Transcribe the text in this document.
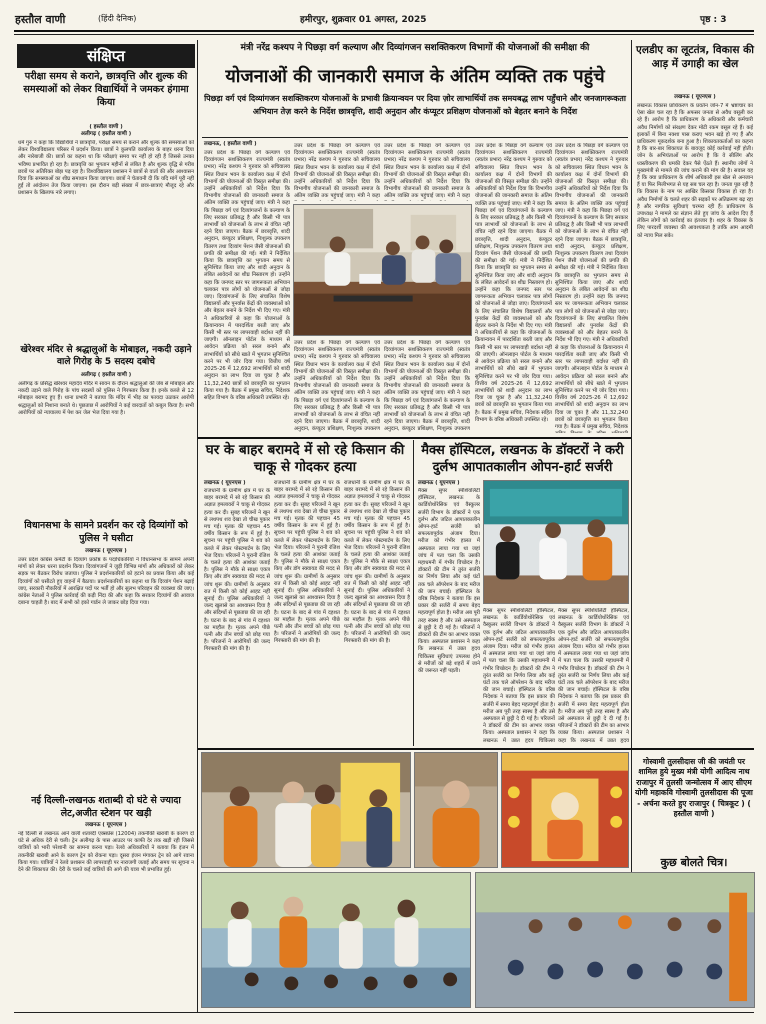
हस्तौल वाणी	(हिंदी दैनिक)	हमीरपुर, शुक्रवार 01 अगस्त, 2025	पृष्ठ : 3
संक्षिप्त
परीक्षा समय से कराने, छात्रवृत्ति और शुल्क की समस्याओं को लेकर विद्यार्थियों ने जमकर हंगामा किया
( हस्तौल वाणी )
अलीगढ़ ( हस्तौल वाणी )
धर्म गुरु ने कहा कि विद्यार्थियों ने छात्रवृत्ति, परीक्षा समय से कराने और शुल्क की समस्याओं को लेकर विश्वविद्यालय परिसर में प्रदर्शन किया। छात्रों ने कुलपति कार्यालय के बाहर धरना दिया और नारेबाजी की। छात्रों का कहना था कि परीक्षाएं समय पर नहीं हो रही हैं जिससे उनका भविष्य प्रभावित हो रहा है। छात्रवृत्ति का भुगतान महीनों से लंबित है और शुल्क वृद्धि से गरीब छात्रों पर अतिरिक्त बोझ पड़ रहा है। विश्वविद्यालय प्रशासन ने छात्रों से वार्ता की और आश्वासन दिया कि समस्याओं का शीघ्र समाधान किया जाएगा। छात्रों ने चेतावनी दी कि यदि मांगें पूरी नहीं हुईं तो आंदोलन तेज किया जाएगा। इस दौरान बड़ी संख्या में छात्र-छात्राएं मौजूद रहे और प्रशासन के खिलाफ नारे लगाए।
खेरेश्वर मंदिर से श्रद्धालुओं के मोबाइल, नकदी उड़ाने वाले गिरोह के 5 सदस्य दबोचे
अलीगढ़ ( हस्तौल वाणी )
अलीगढ़ के प्रसिद्ध खेरेश्वर महादेव मंदिर में सावन के दौरान श्रद्धालुओं की जेब से मोबाइल और नकदी उड़ाने वाले गिरोह के पांच सदस्यों को पुलिस ने गिरफ्तार किया है। इनके कब्जे से 12 मोबाइल बरामद हुए हैं। थाना प्रभारी ने बताया कि मंदिर में भीड़ का फायदा उठाकर आरोपी श्रद्धालुओं को निशाना बनाते थे। पूछताछ में आरोपियों ने कई वारदातों को कबूल किया है। सभी आरोपियों को न्यायालय में पेश कर जेल भेज दिया गया है।
विधानसभा के सामने प्रदर्शन कर रहे दिव्यांगों को पुलिस ने घसीटा
लखनऊ ( यूएनएस )
उत्तर प्रदेश कांग्रेस कमेटी के दिव्यांग प्रकोष्ठ के पदाधिकारियों ने विधानसभा के सामने अपनी मांगों को लेकर धरना प्रदर्शन किया। दिव्यांगजनों ने जुड़ी विभिन्न मांगों और अधिकारों को लेकर सड़क पर बैठकर विरोध जताया। पुलिस ने प्रदर्शनकारियों को हटाने का प्रयास किया और कई दिव्यांगों को घसीटते हुए वाहनों में बैठाया। प्रदर्शनकारियों का कहना था कि दिव्यांग पेंशन बढ़ाई जाए, सरकारी नौकरियों में आरक्षित पदों पर भर्ती हो और सुलभ परिवहन की व्यवस्था की जाए। कांग्रेस नेताओं ने पुलिस कार्रवाई की कड़ी निंदा की और कहा कि सरकार दिव्यांगों की आवाज दबाना चाहती है। बाद में सभी को इको गार्डन ले जाकर छोड़ दिया गया।
नई दिल्ली-लखनऊ शताब्दी दो घंटे से ज्यादा लेट,अजीत स्टेशन पर खड़ी
लखनऊ ( यूएनएस )
नई दिल्ली से लखनऊ आने वाली शताब्दी एक्सप्रेस (12004) तकनीकी खराबी के कारण दो घंटे से अधिक देरी से चली। ट्रेन अलीगढ़ के पास आउटर पर काफी देर तक खड़ी रही जिससे यात्रियों को भारी परेशानी का सामना करना पड़ा। रेलवे अधिकारियों ने बताया कि इंजन में तकनीकी खराबी आने के कारण ट्रेन को रोकना पड़ा। दूसरा इंजन मंगाकर ट्रेन को आगे रवाना किया गया। यात्रियों ने रेलवे प्रशासन की लापरवाही पर नाराजगी जताई और समय पर सूचना न देने की शिकायत की। देरी के चलते कई यात्रियों की आगे की यात्रा भी प्रभावित हुई।
मंत्री नरेंद्र कश्यप ने पिछड़ा वर्ग कल्याण और दिव्यांगजन सशक्तिकरण विभागों की योजनाओं की समीक्षा की
योजनाओं की जानकारी समाज के अंतिम व्यक्ति तक पहुंचे
पिछड़ा वर्ग एवं दिव्यांगजन सशक्तिकरण योजनाओं के प्रभावी क्रियान्वयन पर दिया ज़ोर लाभार्थियों तक समयबद्ध लाभ पहुँचाने और जनजागरूकता अभियान तेज़ करने के निर्देश छात्रवृत्ति, शादी अनुदान और कंप्यूटर प्रशिक्षण योजनाओं को बेहतर बनाने के निर्देश
लखनऊ, ( हस्तौल वाणी )
उत्तर प्रदेश के पिछड़ा वर्ग कल्याण एवं दिव्यांगजन सशक्तिकरण राज्यमंत्री (स्वतंत्र प्रभार) नरेंद्र कश्यप ने गुरुवार को सचिवालय स्थित विधान भवन के कार्यालय कक्ष में दोनों विभागों की योजनाओं की विस्तृत समीक्षा की। उन्होंने अधिकारियों को निर्देश दिया कि विभागीय योजनाओं की जानकारी समाज के अंतिम व्यक्ति तक पहुंचाई जाए। मंत्री ने कहा कि पिछड़ा वर्ग एवं दिव्यांगजनों के कल्याण के लिए सरकार प्रतिबद्ध है और किसी भी पात्र लाभार्थी को योजनाओं के लाभ से वंचित नहीं रहने दिया जाएगा। बैठक में छात्रवृत्ति, शादी अनुदान, कंप्यूटर प्रशिक्षण, निःशुल्क उपकरण वितरण तथा दिव्यांग पेंशन जैसी योजनाओं की प्रगति की समीक्षा की गई। मंत्री ने निर्देशित किया कि छात्रवृत्ति का भुगतान समय से सुनिश्चित किया जाए और शादी अनुदान के लंबित आवेदनों का शीघ्र निस्तारण हो। उन्होंने कहा कि जनपद स्तर पर जागरूकता अभियान चलाकर पात्र लोगों को योजनाओं से जोड़ा जाए। दिव्यांगजनों के लिए संचालित विशेष विद्यालयों और पुनर्वास केंद्रों की व्यवस्थाओं को और बेहतर बनाने के निर्देश भी दिए गए। मंत्री ने अधिकारियों से कहा कि योजनाओं के क्रियान्वयन में पारदर्शिता बरती जाए और किसी भी स्तर पर लापरवाही बर्दाश्त नहीं की जाएगी। ऑनलाइन पोर्टल के माध्यम से आवेदन प्रक्रिया को सरल बनाने और लाभार्थियों को सीधे खाते में भुगतान सुनिश्चित करने पर भी जोर दिया गया। वित्तीय वर्ष 2025-26 में 12,692 लाभार्थियों को शादी अनुदान का लाभ दिया जा चुका है और 11,32,240 छात्रों को छात्रवृत्ति का भुगतान किया गया है। बैठक में प्रमुख सचिव, निदेशक सहित विभाग के वरिष्ठ अधिकारी उपस्थित रहे।
उत्तर प्रदेश के पिछड़ा वर्ग कल्याण एवं दिव्यांगजन सशक्तिकरण राज्यमंत्री (स्वतंत्र प्रभार) नरेंद्र कश्यप ने गुरुवार को सचिवालय स्थित विधान भवन के कार्यालय कक्ष में दोनों विभागों की योजनाओं की विस्तृत समीक्षा की। उन्होंने अधिकारियों को निर्देश दिया कि विभागीय योजनाओं की जानकारी समाज के अंतिम व्यक्ति तक पहुंचाई जाए। मंत्री ने कहा
उत्तर प्रदेश के पिछड़ा वर्ग कल्याण एवं दिव्यांगजन सशक्तिकरण राज्यमंत्री (स्वतंत्र प्रभार) नरेंद्र कश्यप ने गुरुवार को सचिवालय स्थित विधान भवन के कार्यालय कक्ष में दोनों विभागों की योजनाओं की विस्तृत समीक्षा की। उन्होंने अधिकारियों को निर्देश दिया कि विभागीय योजनाओं की जानकारी समाज के अंतिम व्यक्ति तक पहुंचाई जाए। मंत्री ने कहा
उत्तर प्रदेश के पिछड़ा वर्ग कल्याण एवं दिव्यांगजन सशक्तिकरण राज्यमंत्री (स्वतंत्र प्रभार) नरेंद्र कश्यप ने गुरुवार को सचिवालय स्थित विधान भवन के कार्यालय कक्ष में दोनों विभागों की योजनाओं की विस्तृत समीक्षा की। उन्होंने अधिकारियों को निर्देश दिया कि विभागीय योजनाओं की जानकारी समाज के अंतिम व्यक्ति तक पहुंचाई जाए। मंत्री ने कहा कि पिछड़ा वर्ग एवं दिव्यांगजनों के कल्याण के लिए सरकार प्रतिबद्ध है और किसी भी पात्र लाभार्थी को योजनाओं के लाभ से वंचित नहीं रहने दिया जाएगा। बैठक में छात्रवृत्ति, शादी अनुदान, कंप्यूटर प्रशिक्षण, निःशुल्क उपकरण वितरण तथा दिव्यांग पेंशन जैसी योजनाओं की प्रगति की समीक्षा की गई। मंत्री ने निर्देशित किया कि छात्रवृत्ति का भुगतान समय से सुनिश्चित किया जाए और शादी अनुदान के लंबित आवेदनों का शीघ्र निस्तारण हो। उन्होंने कहा कि जनपद स्तर पर जागरूकता अभियान चलाकर पात्र लोगों को योजनाओं से जोड़ा जाए। दिव्यांगजनों के लिए संचालित विशेष विद्यालयों और पुनर्वास केंद्रों की व्यवस्थाओं को और बेहतर बनाने के निर्देश भी दिए गए। मंत्री ने अधिकारियों से कहा कि योजनाओं के क्रियान्वयन में पारदर्शिता बरती जाए और किसी भी स्तर पर लापरवाही बर्दाश्त नहीं की जाएगी। ऑनलाइन पोर्टल के माध्यम से आवेदन प्रक्रिया को सरल बनाने और लाभार्थियों को सीधे खाते में भुगतान सुनिश्चित करने पर भी जोर दिया गया। वित्तीय वर्ष 2025-26 में 12,692 लाभार्थियों को शादी अनुदान का लाभ दिया जा चुका है और 11,32,240 छात्रों को छात्रवृत्ति का भुगतान किया गया है। बैठक में प्रमुख सचिव, निदेशक सहित विभाग के वरिष्ठ अधिकारी उपस्थित रहे।
उत्तर प्रदेश के पिछड़ा वर्ग कल्याण एवं दिव्यांगजन सशक्तिकरण राज्यमंत्री (स्वतंत्र प्रभार) नरेंद्र कश्यप ने गुरुवार को सचिवालय स्थित विधान भवन के कार्यालय कक्ष में दोनों विभागों की योजनाओं की विस्तृत समीक्षा की। उन्होंने अधिकारियों को निर्देश दिया कि विभागीय योजनाओं की जानकारी समाज के अंतिम व्यक्ति तक पहुंचाई जाए। मंत्री ने कहा कि पिछड़ा वर्ग एवं दिव्यांगजनों के कल्याण के लिए सरकार प्रतिबद्ध है और किसी भी पात्र लाभार्थी को योजनाओं के लाभ से वंचित नहीं रहने दिया जाएगा। बैठक में छात्रवृत्ति, शादी अनुदान, कंप्यूटर प्रशिक्षण, निःशुल्क उपकरण वितरण तथा दिव्यांग पेंशन जैसी योजनाओं की प्रगति की समीक्षा की गई। मंत्री ने निर्देशित किया कि छात्रवृत्ति का भुगतान समय से सुनिश्चित किया जाए और शादी अनुदान के लंबित आवेदनों का शीघ्र निस्तारण हो। उन्होंने कहा कि जनपद स्तर पर जागरूकता अभियान चलाकर पात्र लोगों को योजनाओं से जोड़ा जाए। दिव्यांगजनों के लिए संचालित विशेष विद्यालयों और पुनर्वास केंद्रों की व्यवस्थाओं को और बेहतर बनाने के निर्देश भी दिए गए। मंत्री ने अधिकारियों से कहा कि योजनाओं के क्रियान्वयन में पारदर्शिता बरती जाए और किसी भी स्तर पर लापरवाही बर्दाश्त नहीं की जाएगी। ऑनलाइन पोर्टल के माध्यम से आवेदन प्रक्रिया को सरल बनाने और लाभार्थियों को सीधे खाते में भुगतान सुनिश्चित करने पर भी जोर दिया गया। वित्तीय वर्ष 2025-26 में 12,692 लाभार्थियों को शादी अनुदान का लाभ दिया जा चुका है और 11,32,240 छात्रों को छात्रवृत्ति का भुगतान किया गया है। बैठक में प्रमुख सचिव, निदेशक
उत्तर प्रदेश के पिछड़ा वर्ग कल्याण एवं दिव्यांगजन सशक्तिकरण राज्यमंत्री (स्वतंत्र प्रभार) नरेंद्र कश्यप ने गुरुवार को सचिवालय स्थित विधान भवन के कार्यालय कक्ष में दोनों विभागों की योजनाओं की विस्तृत समीक्षा की। उन्होंने अधिकारियों को निर्देश दिया कि विभागीय योजनाओं की जानकारी समाज के अंतिम व्यक्ति तक पहुंचाई जाए। मंत्री ने कहा कि पिछड़ा वर्ग एवं दिव्यांगजनों के कल्याण के लिए सरकार प्रतिबद्ध है और किसी भी पात्र लाभार्थी को योजनाओं के लाभ से वंचित नहीं रहने दिया जाएगा। बैठक में छात्रवृत्ति, शादी अनुदान, कंप्यूटर प्रशिक्षण, निःशुल्क उपकरण
उत्तर प्रदेश के पिछड़ा वर्ग कल्याण एवं दिव्यांगजन सशक्तिकरण राज्यमंत्री (स्वतंत्र प्रभार) नरेंद्र कश्यप ने गुरुवार को सचिवालय स्थित विधान भवन के कार्यालय कक्ष में दोनों विभागों की योजनाओं की विस्तृत समीक्षा की। उन्होंने अधिकारियों को निर्देश दिया कि विभागीय योजनाओं की जानकारी समाज के अंतिम व्यक्ति तक पहुंचाई जाए। मंत्री ने कहा कि पिछड़ा वर्ग एवं दिव्यांगजनों के कल्याण के लिए सरकार प्रतिबद्ध है और किसी भी पात्र लाभार्थी को योजनाओं के लाभ से वंचित नहीं रहने दिया जाएगा। बैठक में छात्रवृत्ति, शादी अनुदान, कंप्यूटर प्रशिक्षण, निःशुल्क उपकरण
घर के बाहर बरामदे में सो रहे किसान की चाकू से गोदकर हत्या
लखनऊ ( यूएनएस )
राजधानी के ग्रामीण क्षेत्र में घर के बाहर बरामदे में सो रहे किसान की अज्ञात हमलावरों ने चाकू से गोदकर हत्या कर दी। सुबह परिजनों ने खून से लथपथ शव देखा तो चीख पुकार मच गई। मृतक की पहचान 45 वर्षीय किसान के रूप में हुई है। सूचना पर पहुंची पुलिस ने शव को कब्जे में लेकर पोस्टमार्टम के लिए भेज दिया। परिजनों ने पुरानी रंजिश के चलते हत्या की आशंका जताई है। पुलिस ने मौके से साक्ष्य एकत्र किए और डॉग स्क्वायड की मदद से जांच शुरू की। ग्रामीणों के अनुसार रात में किसी को कोई आहट नहीं सुनाई दी। पुलिस अधिकारियों ने जल्द खुलासे का आश्वासन दिया है और संदिग्धों से पूछताछ की जा रही है। घटना के बाद से गांव में दहशत का माहौल है। मृतक अपने पीछे पत्नी और तीन बच्चों को छोड़ गया है। परिजनों ने आरोपियों की जल्द गिरफ्तारी की मांग की है।
राजधानी के ग्रामीण क्षेत्र में घर के बाहर बरामदे में सो रहे किसान की अज्ञात हमलावरों ने चाकू से गोदकर हत्या कर दी। सुबह परिजनों ने खून से लथपथ शव देखा तो चीख पुकार मच गई। मृतक की पहचान 45 वर्षीय किसान के रूप में हुई है। सूचना पर पहुंची पुलिस ने शव को कब्जे में लेकर पोस्टमार्टम के लिए भेज दिया। परिजनों ने पुरानी रंजिश के चलते हत्या की आशंका जताई है। पुलिस ने मौके से साक्ष्य एकत्र किए और डॉग स्क्वायड की मदद से जांच शुरू की। ग्रामीणों के अनुसार रात में किसी को कोई आहट नहीं सुनाई दी। पुलिस अधिकारियों ने जल्द खुलासे का आश्वासन दिया है और संदिग्धों से पूछताछ की जा रही है। घटना के बाद से गांव में दहशत का माहौल है। मृतक अपने पीछे पत्नी और तीन बच्चों को छोड़ गया है। परिजनों ने आरोपियों की जल्द गिरफ्तारी की मांग की है।
राजधानी के ग्रामीण क्षेत्र में घर के बाहर बरामदे में सो रहे किसान की अज्ञात हमलावरों ने चाकू से गोदकर हत्या कर दी। सुबह परिजनों ने खून से लथपथ शव देखा तो चीख पुकार मच गई। मृतक की पहचान 45 वर्षीय किसान के रूप में हुई है। सूचना पर पहुंची पुलिस ने शव को कब्जे में लेकर पोस्टमार्टम के लिए भेज दिया। परिजनों ने पुरानी रंजिश के चलते हत्या की आशंका जताई है। पुलिस ने मौके से साक्ष्य एकत्र किए और डॉग स्क्वायड की मदद से जांच शुरू की। ग्रामीणों के अनुसार रात में किसी को कोई आहट नहीं सुनाई दी। पुलिस अधिकारियों ने जल्द खुलासे का आश्वासन दिया है और संदिग्धों से पूछताछ की जा रही है। घटना के बाद से गांव में दहशत का माहौल है। मृतक अपने पीछे पत्नी और तीन बच्चों को छोड़ गया है। परिजनों ने आरोपियों की जल्द गिरफ्तारी की मांग की है।
मैक्स हॉस्पिटल, लखनऊ के डॉक्टरों ने करी दुर्लभ आपातकालीन ओपन-हार्ट सर्जरी
लखनऊ ( यूएनएस )
मैक्स सुपर स्पेशियलिटी हॉस्पिटल, लखनऊ के कार्डियोथोरेसिक एवं वैस्कुलर सर्जरी विभाग के डॉक्टरों ने एक दुर्लभ और जटिल आपातकालीन ओपन-हार्ट सर्जरी को सफलतापूर्वक अंजाम दिया। मरीज को गंभीर हालत में अस्पताल लाया गया था जहां जांच में पता चला कि उसकी महाधमनी में गंभीर विच्छेदन है। डॉक्टरों की टीम ने तुरंत सर्जरी का निर्णय लिया और कई घंटों तक चले ऑपरेशन के बाद मरीज की जान बचाई। हॉस्पिटल के वरिष्ठ निदेशक ने बताया कि इस प्रकार की सर्जरी में समय बेहद महत्वपूर्ण होता है। मरीज अब पूरी तरह स्वस्थ है और उसे अस्पताल से छुट्टी दे दी गई है। परिजनों ने डॉक्टरों की टीम का आभार व्यक्त किया। अस्पताल प्रशासन ने कहा कि लखनऊ में उन्नत हृदय चिकित्सा सुविधाएं उपलब्ध होने से मरीजों को बड़े शहरों में जाने की जरूरत नहीं पड़ती।
मैक्स सुपर स्पेशियलिटी हॉस्पिटल, लखनऊ के कार्डियोथोरेसिक एवं वैस्कुलर सर्जरी विभाग के डॉक्टरों ने एक दुर्लभ और जटिल आपातकालीन ओपन-हार्ट सर्जरी को सफलतापूर्वक अंजाम दिया। मरीज को गंभीर हालत में अस्पताल लाया गया था जहां जांच में पता चला कि उसकी महाधमनी में गंभीर विच्छेदन है। डॉक्टरों की टीम ने तुरंत सर्जरी का निर्णय लिया और कई घंटों तक चले ऑपरेशन के बाद मरीज की जान बचाई। हॉस्पिटल के वरिष्ठ निदेशक ने बताया कि इस प्रकार की सर्जरी में समय बेहद महत्वपूर्ण होता है। मरीज अब पूरी तरह स्वस्थ है और उसे अस्पताल से छुट्टी दे दी गई है। परिजनों ने डॉक्टरों की टीम का आभार व्यक्त किया। अस्पताल प्रशासन ने कहा कि लखनऊ में उन्नत हृदय चिकित्सा
मैक्स सुपर स्पेशियलिटी हॉस्पिटल, लखनऊ के कार्डियोथोरेसिक एवं वैस्कुलर सर्जरी विभाग के डॉक्टरों ने एक दुर्लभ और जटिल आपातकालीन ओपन-हार्ट सर्जरी को सफलतापूर्वक अंजाम दिया। मरीज को गंभीर हालत में अस्पताल लाया गया था जहां जांच में पता चला कि उसकी महाधमनी में गंभीर विच्छेदन है। डॉक्टरों की टीम ने तुरंत सर्जरी का निर्णय लिया और कई घंटों तक चले ऑपरेशन के बाद मरीज की जान बचाई। हॉस्पिटल के वरिष्ठ निदेशक ने बताया कि इस प्रकार की सर्जरी में समय बेहद महत्वपूर्ण होता है। मरीज अब पूरी तरह स्वस्थ है और उसे अस्पताल से छुट्टी दे दी गई है। परिजनों ने डॉक्टरों की टीम का आभार व्यक्त किया। अस्पताल प्रशासन ने कहा कि लखनऊ में उन्नत हृदय
एलडीए का लूटतंत्र, विकास की आड़ में उगाही का खेल
लखनऊ ( यूएनएस )
लखनऊ विकास प्राधिकरण के प्रवर्तन जोन-7 में भ्रष्टाचार का ऐसा खेल चल रहा है कि अफसर जनता से अवैध वसूली कर रहे हैं। आरोप है कि प्राधिकरण के अधिकारी और कर्मचारी अवैध निर्माणों को संरक्षण देकर मोटी रकम वसूल रहे हैं। कई इलाकों में बिना नक्शा पास कराए भवन खड़े हो गए हैं और प्राधिकरण मूकदर्शक बना हुआ है। शिकायतकर्ताओं का कहना है कि बार-बार शिकायत के बावजूद कोई कार्रवाई नहीं होती। जोन के अभियंताओं पर आरोप है कि वे सीलिंग और ध्वस्तीकरण की धमकी देकर पैसे ऐंठते हैं। स्थानीय लोगों ने मुख्यमंत्री से मामले की जांच कराने की मांग की है। सवाल यह है कि क्या प्राधिकरण के शीर्ष अधिकारी इस खेल से अनजान हैं या फिर मिलीभगत से यह सब चल रहा है। जनता पूछ रही है कि विकास के नाम पर आखिर किसका विकास हो रहा है। अवैध निर्माणों के चलते शहर की सड़कों पर अतिक्रमण बढ़ रहा है और नागरिक सुविधाएं चरमरा रही हैं। प्राधिकरण के उपाध्यक्ष ने मामले का संज्ञान लेते हुए जांच के आदेश दिए हैं लेकिन लोगों को कार्रवाई का इंतजार है। शहर के विकास के लिए पारदर्शी व्यवस्था की आवश्यकता है ताकि आम आदमी को न्याय मिल सके।
गोस्वामी तुलसीदास जी की जयंती पर शामिल हुये मुख्य मंत्री योगी आदित्य नाथ राजापुर में तुलसी जन्मोत्सव में आए सीएम योगी महाकवि गोस्वामी तुलसीदास की पूजा - अर्चना करते हुए राजापुर ( चित्रकूट ) ( हस्तौल वाणी )
कुछ बोलते चित्र।
